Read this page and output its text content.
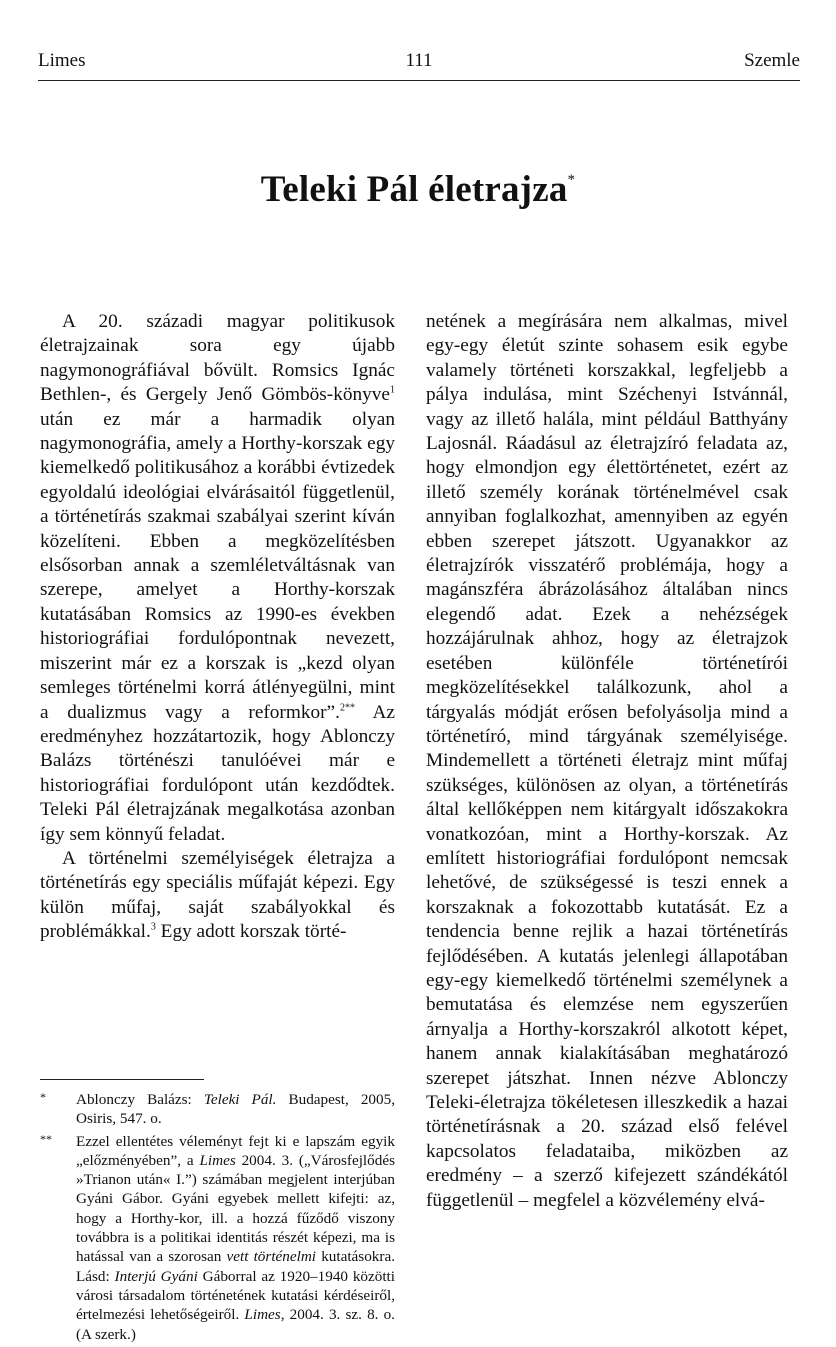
Limes	111	Szemle
Teleki Pál életrajza*

A 20. századi magyar politikusok életrajzainak sora egy újabb nagymonográfiával bővült. Romsics Ignác Bethlen-, és Gergely Jenő Gömbös-könyve$^1$ után ez már a harmadik olyan nagymonográfia, amely a Horthy-korszak egy kiemelkedő politikusához a korábbi évtizedek egyoldalú ideológiai elvárásaitól függetlenül, a történetírás szakmai szabályai szerint kíván közelíteni. Ebben a megközelítésben elsősorban annak a szemléletváltásnak van szerepe, amelyet a Horthy-korszak kutatásában Romsics az 1990-es években historiográfiai fordulópontnak nevezett, miszerint már ez a korszak is „kezd olyan semleges történelmi korrá átlényegülni, mint a dualizmus vagy a reformkor”.$^{2**}$ Az eredményhez hozzátartozik, hogy Ablonczy Balázs történészi tanulóévei már e historiográfiai fordulópont után kezdődtek. Teleki Pál életrajzának megalkotása azonban így sem könnyű feladat.

A történelmi személyiségek életrajza a történetírás egy speciális műfaját képezi. Egy külön műfaj, saját szabályokkal és problémákkal.$^3$ Egy adott korszak törté-

* Ablonczy Balázs: Teleki Pál. Budapest, 2005, Osiris, 547. o.

** Ezzel ellentétes véleményt fejt ki e lapszám egyik „előzményében”, a Limes 2004. 3. („Városfejlődés »Trianon után« I.”) számában megjelent interjúban Gyáni Gábor. Gyáni egyebek mellett kifejti: az, hogy a Horthy-kor, ill. a hozzá fűződő viszony továbbra is a politikai identitás részét képezi, ma is hatással van a szorosan vett történelmi kutatásokra. Lásd: Interjú Gyáni Gáborral az 1920–1940 közötti városi társadalom történetének kutatási kérdéseiről, értelmezési lehetőségeiről. Limes, 2004. 3. sz. 8. o. (A szerk.)

netének a megírására nem alkalmas, mivel egy-egy életút szinte sohasem esik egybe valamely történeti korszakkal, legfeljebb a pálya indulása, mint Széchenyi Istvánnál, vagy az illető halála, mint például Batthyány Lajosnál. Ráadásul az életrajzíró feladata az, hogy elmondjon egy élettörténetet, ezért az illető személy korának történelmével csak annyiban foglalkozhat, amennyiben az egyén ebben szerepet játszott. Ugyanakkor az életrajzírók visszatérő problémája, hogy a magánszféra ábrázolásához általában nincs elegendő adat. Ezek a nehézségek hozzájárulnak ahhoz, hogy az életrajzok esetében különféle történetírói megközelítésekkel találkozunk, ahol a tárgyalás módját erősen befolyásolja mind a történetíró, mind tárgyának személyisége. Mindemellett a történeti életrajz mint műfaj szükséges, különösen az olyan, a történetírás által kellőképpen nem kitárgyalt időszakokra vonatkozóan, mint a Horthy-korszak. Az említett historiográfiai fordulópont nemcsak lehetővé, de szükségessé is teszi ennek a korszaknak a fokozottabb kutatását. Ez a tendencia benne rejlik a hazai történetírás fejlődésében. A kutatás jelenlegi állapotában egy-egy kiemelkedő történelmi személynek a bemutatása és elemzése nem egyszerűen árnyalja a Horthy-korszakról alkotott képet, hanem annak kialakításában meghatározó szerepet játszhat. Innen nézve Ablonczy Teleki-életrajza tökéletesen illeszkedik a hazai történetírásnak a 20. század első felével kapcsolatos feladataiba, miközben az eredmény – a szerző kifejezett szándékától függetlenül – megfelel a közvélemény elvá-
